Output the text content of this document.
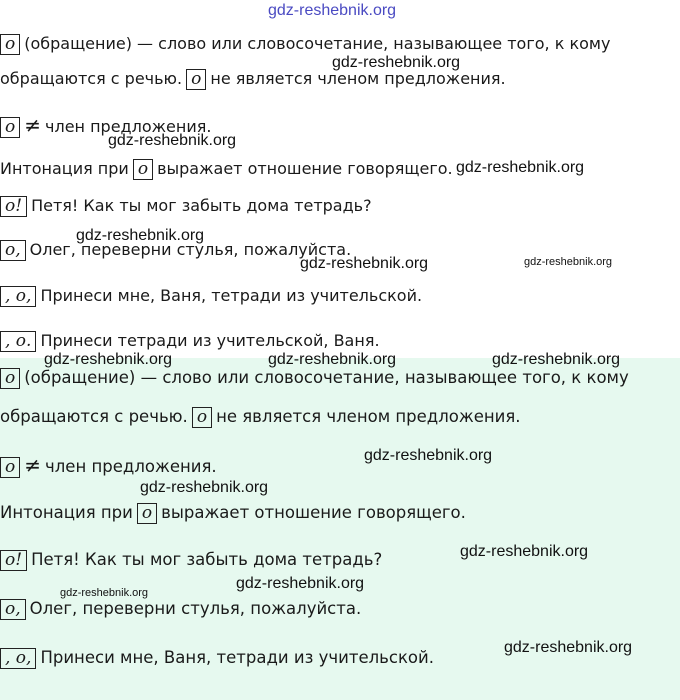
gdz-reshebnik.org
о (обращение) — слово или словосочетание, называющее того, к кому
обращаются с речью. о не является членом предложения.
о ≠ член предложения.
Интонация при о выражает отношение говорящего.
о! Петя! Как ты мог забыть дома тетрадь?
о, Олег, переверни стулья, пожалуйста.
, о, Принеси мне, Ваня, тетради из учительской.
, о. Принеси тетради из учительской, Ваня.
о (обращение) — слово или словосочетание, называющее того, к кому
обращаются с речью. о не является членом предложения.
о ≠ член предложения.
Интонация при о выражает отношение говорящего.
о! Петя! Как ты мог забыть дома тетрадь?
о, Олег, переверни стулья, пожалуйста.
, о, Принеси мне, Ваня, тетради из учительской.
gdz-reshebnik.org
gdz-reshebnik.org
gdz-reshebnik.org
gdz-reshebnik.org
gdz-reshebnik.org	gdz-reshebnik.org
gdz-reshebnik.org	gdz-reshebnik.org	gdz-reshebnik.org
gdz-reshebnik.org
gdz-reshebnik.org
gdz-reshebnik.org
gdz-reshebnik.org
gdz-reshebnik.org
gdz-reshebnik.org
